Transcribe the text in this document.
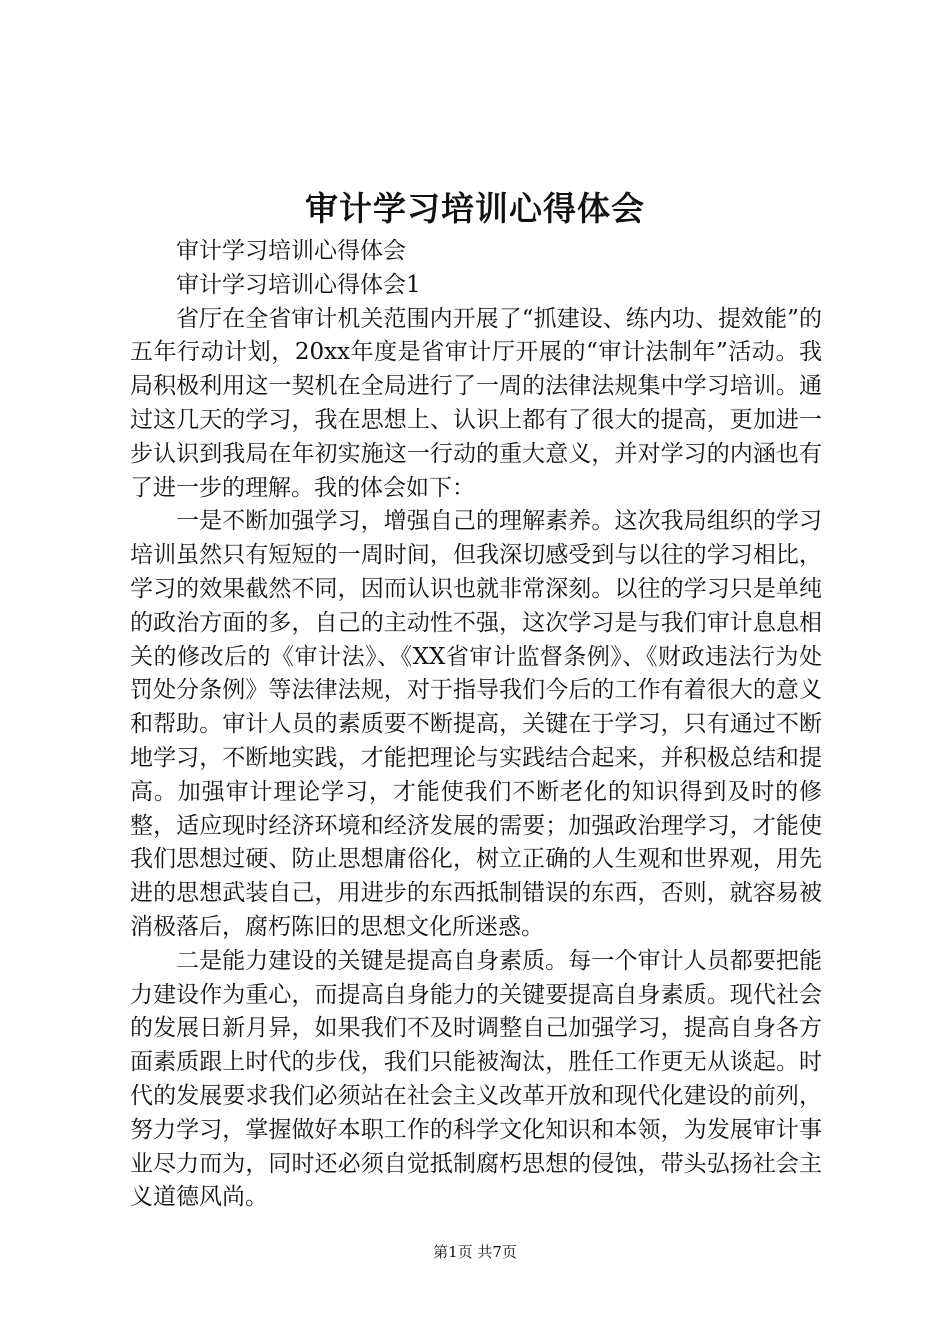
审计学习培训心得体会

审计学习培训心得体会

审计学习培训心得体会1

省厅在全省审计机关范围内开展了“抓建设、练内功、提效能”的五年行动计划，20xx年度是省审计厅开展的“审计法制年”活动。我局积极利用这一契机在全局进行了一周的法律法规集中学习培训。通过这几天的学习，我在思想上、认识上都有了很大的提高，更加进一步认识到我局在年初实施这一行动的重大意义，并对学习的内涵也有了进一步的理解。我的体会如下：

一是不断加强学习，增强自己的理解素养。这次我局组织的学习培训虽然只有短短的一周时间，但我深切感受到与以往的学习相比，学习的效果截然不同，因而认识也就非常深刻。以往的学习只是单纯的政治方面的多，自己的主动性不强，这次学习是与我们审计息息相关的修改后的《审计法》、《XX省审计监督条例》、《财政违法行为处罚处分条例》等法律法规，对于指导我们今后的工作有着很大的意义和帮助。审计人员的素质要不断提高，关键在于学习，只有通过不断地学习，不断地实践，才能把理论与实践结合起来，并积极总结和提高。加强审计理论学习，才能使我们不断老化的知识得到及时的修整，适应现时经济环境和经济发展的需要；加强政治理学习，才能使我们思想过硬、防止思想庸俗化，树立正确的人生观和世界观，用先进的思想武装自己，用进步的东西抵制错误的东西，否则，就容易被消极落后，腐朽陈旧的思想文化所迷惑。

二是能力建设的关键是提高自身素质。每一个审计人员都要把能力建设作为重心，而提高自身能力的关键要提高自身素质。现代社会的发展日新月异，如果我们不及时调整自己加强学习，提高自身各方面素质跟上时代的步伐，我们只能被淘汰，胜任工作更无从谈起。时代的发展要求我们必须站在社会主义改革开放和现代化建设的前列，努力学习，掌握做好本职工作的科学文化知识和本领，为发展审计事业尽力而为，同时还必须自觉抵制腐朽思想的侵蚀，带头弘扬社会主义道德风尚。

第1页 共7页
